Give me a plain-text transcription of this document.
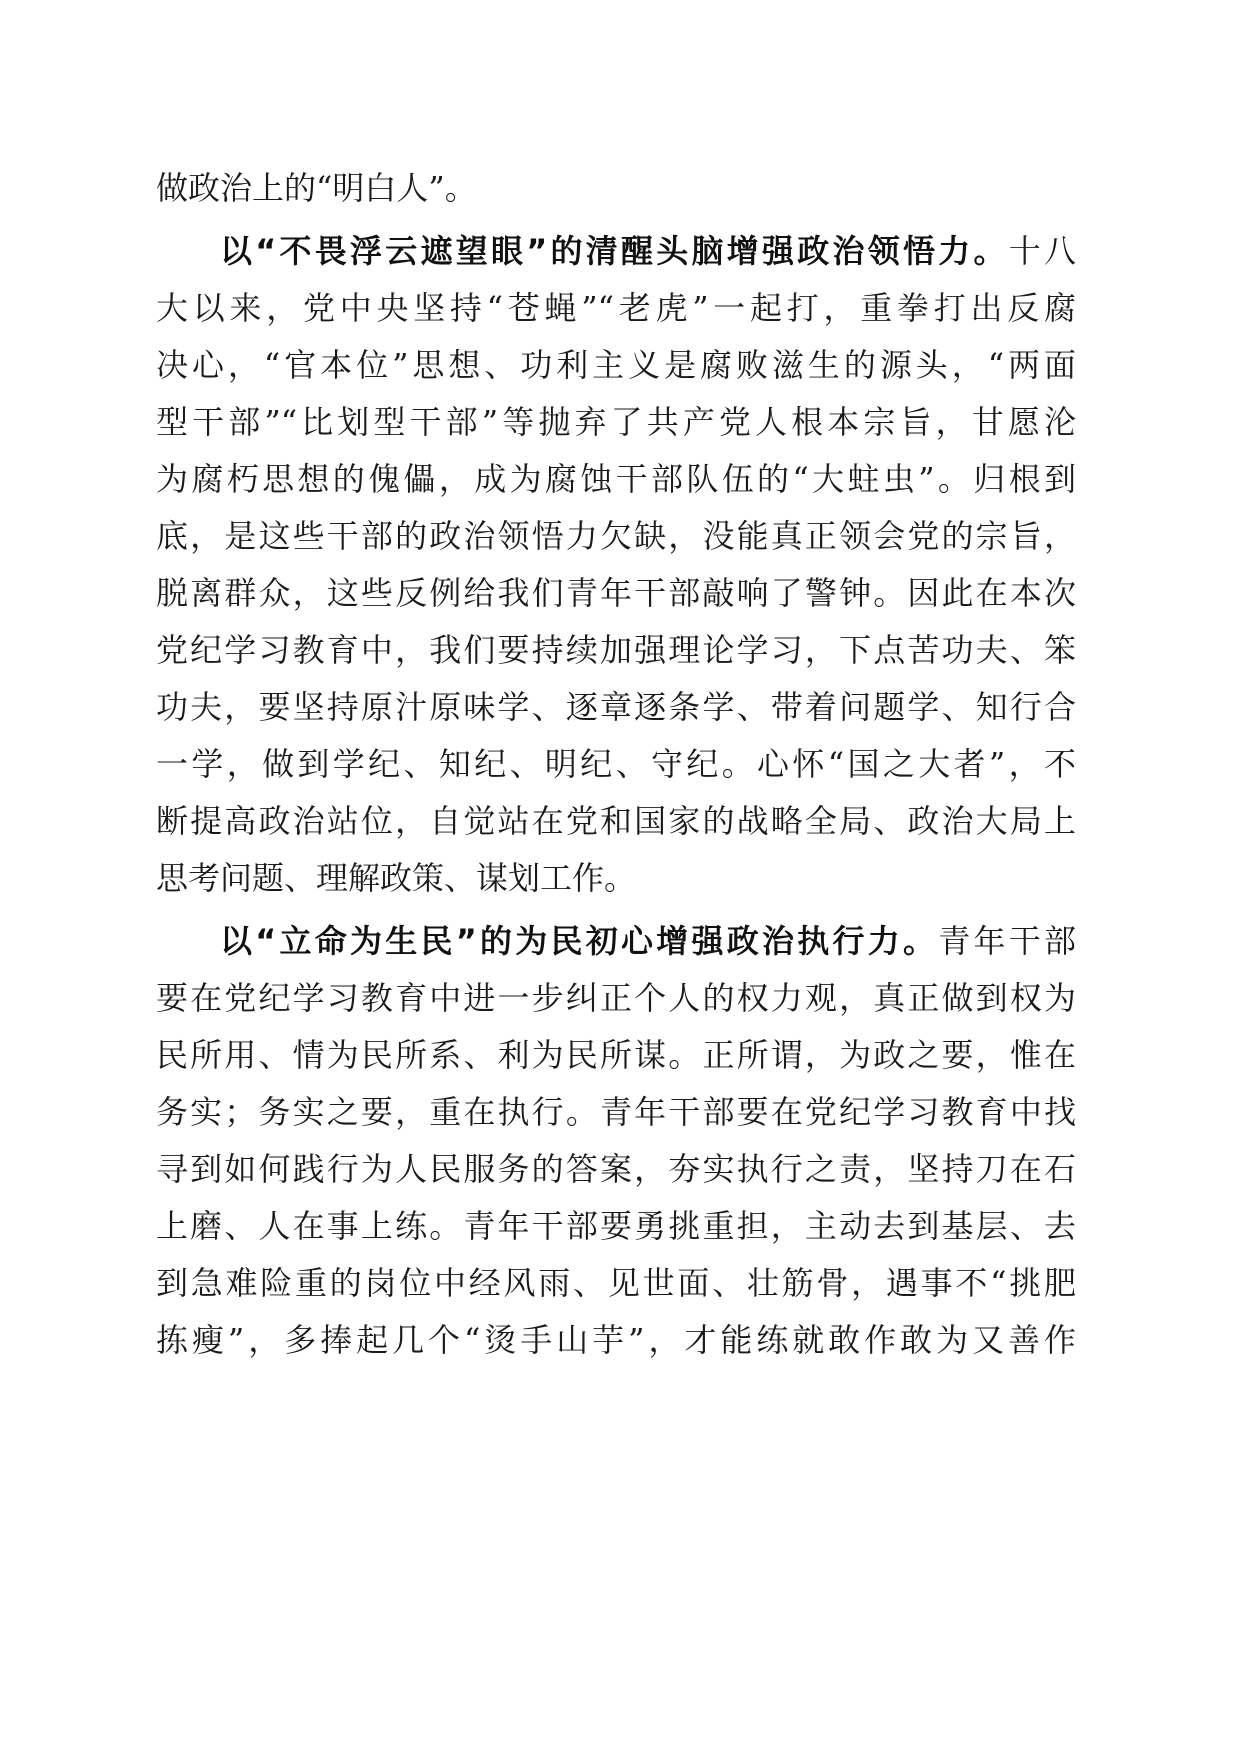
做政治上的“明白人”。
以“不畏浮云遮望眼”的清醒头脑增强政治领悟力。十八
大以来，党中央坚持“苍蝇”“老虎”一起打，重拳打出反腐
决心，“官本位”思想、功利主义是腐败滋生的源头，“两面
型干部”“比划型干部”等抛弃了共产党人根本宗旨，甘愿沦
为腐朽思想的傀儡，成为腐蚀干部队伍的“大蛀虫”。归根到
底，是这些干部的政治领悟力欠缺，没能真正领会党的宗旨，
脱离群众，这些反例给我们青年干部敲响了警钟。因此在本次
党纪学习教育中，我们要持续加强理论学习，下点苦功夫、笨
功夫，要坚持原汁原味学、逐章逐条学、带着问题学、知行合
一学，做到学纪、知纪、明纪、守纪。心怀“国之大者”，不
断提高政治站位，自觉站在党和国家的战略全局、政治大局上
思考问题、理解政策、谋划工作。
以“立命为生民”的为民初心增强政治执行力。青年干部
要在党纪学习教育中进一步纠正个人的权力观，真正做到权为
民所用、情为民所系、利为民所谋。正所谓，为政之要，惟在
务实；务实之要，重在执行。青年干部要在党纪学习教育中找
寻到如何践行为人民服务的答案，夯实执行之责，坚持刀在石
上磨、人在事上练。青年干部要勇挑重担，主动去到基层、去
到急难险重的岗位中经风雨、见世面、壮筋骨，遇事不“挑肥
拣瘦”，多捧起几个“烫手山芋”，才能练就敢作敢为又善作
